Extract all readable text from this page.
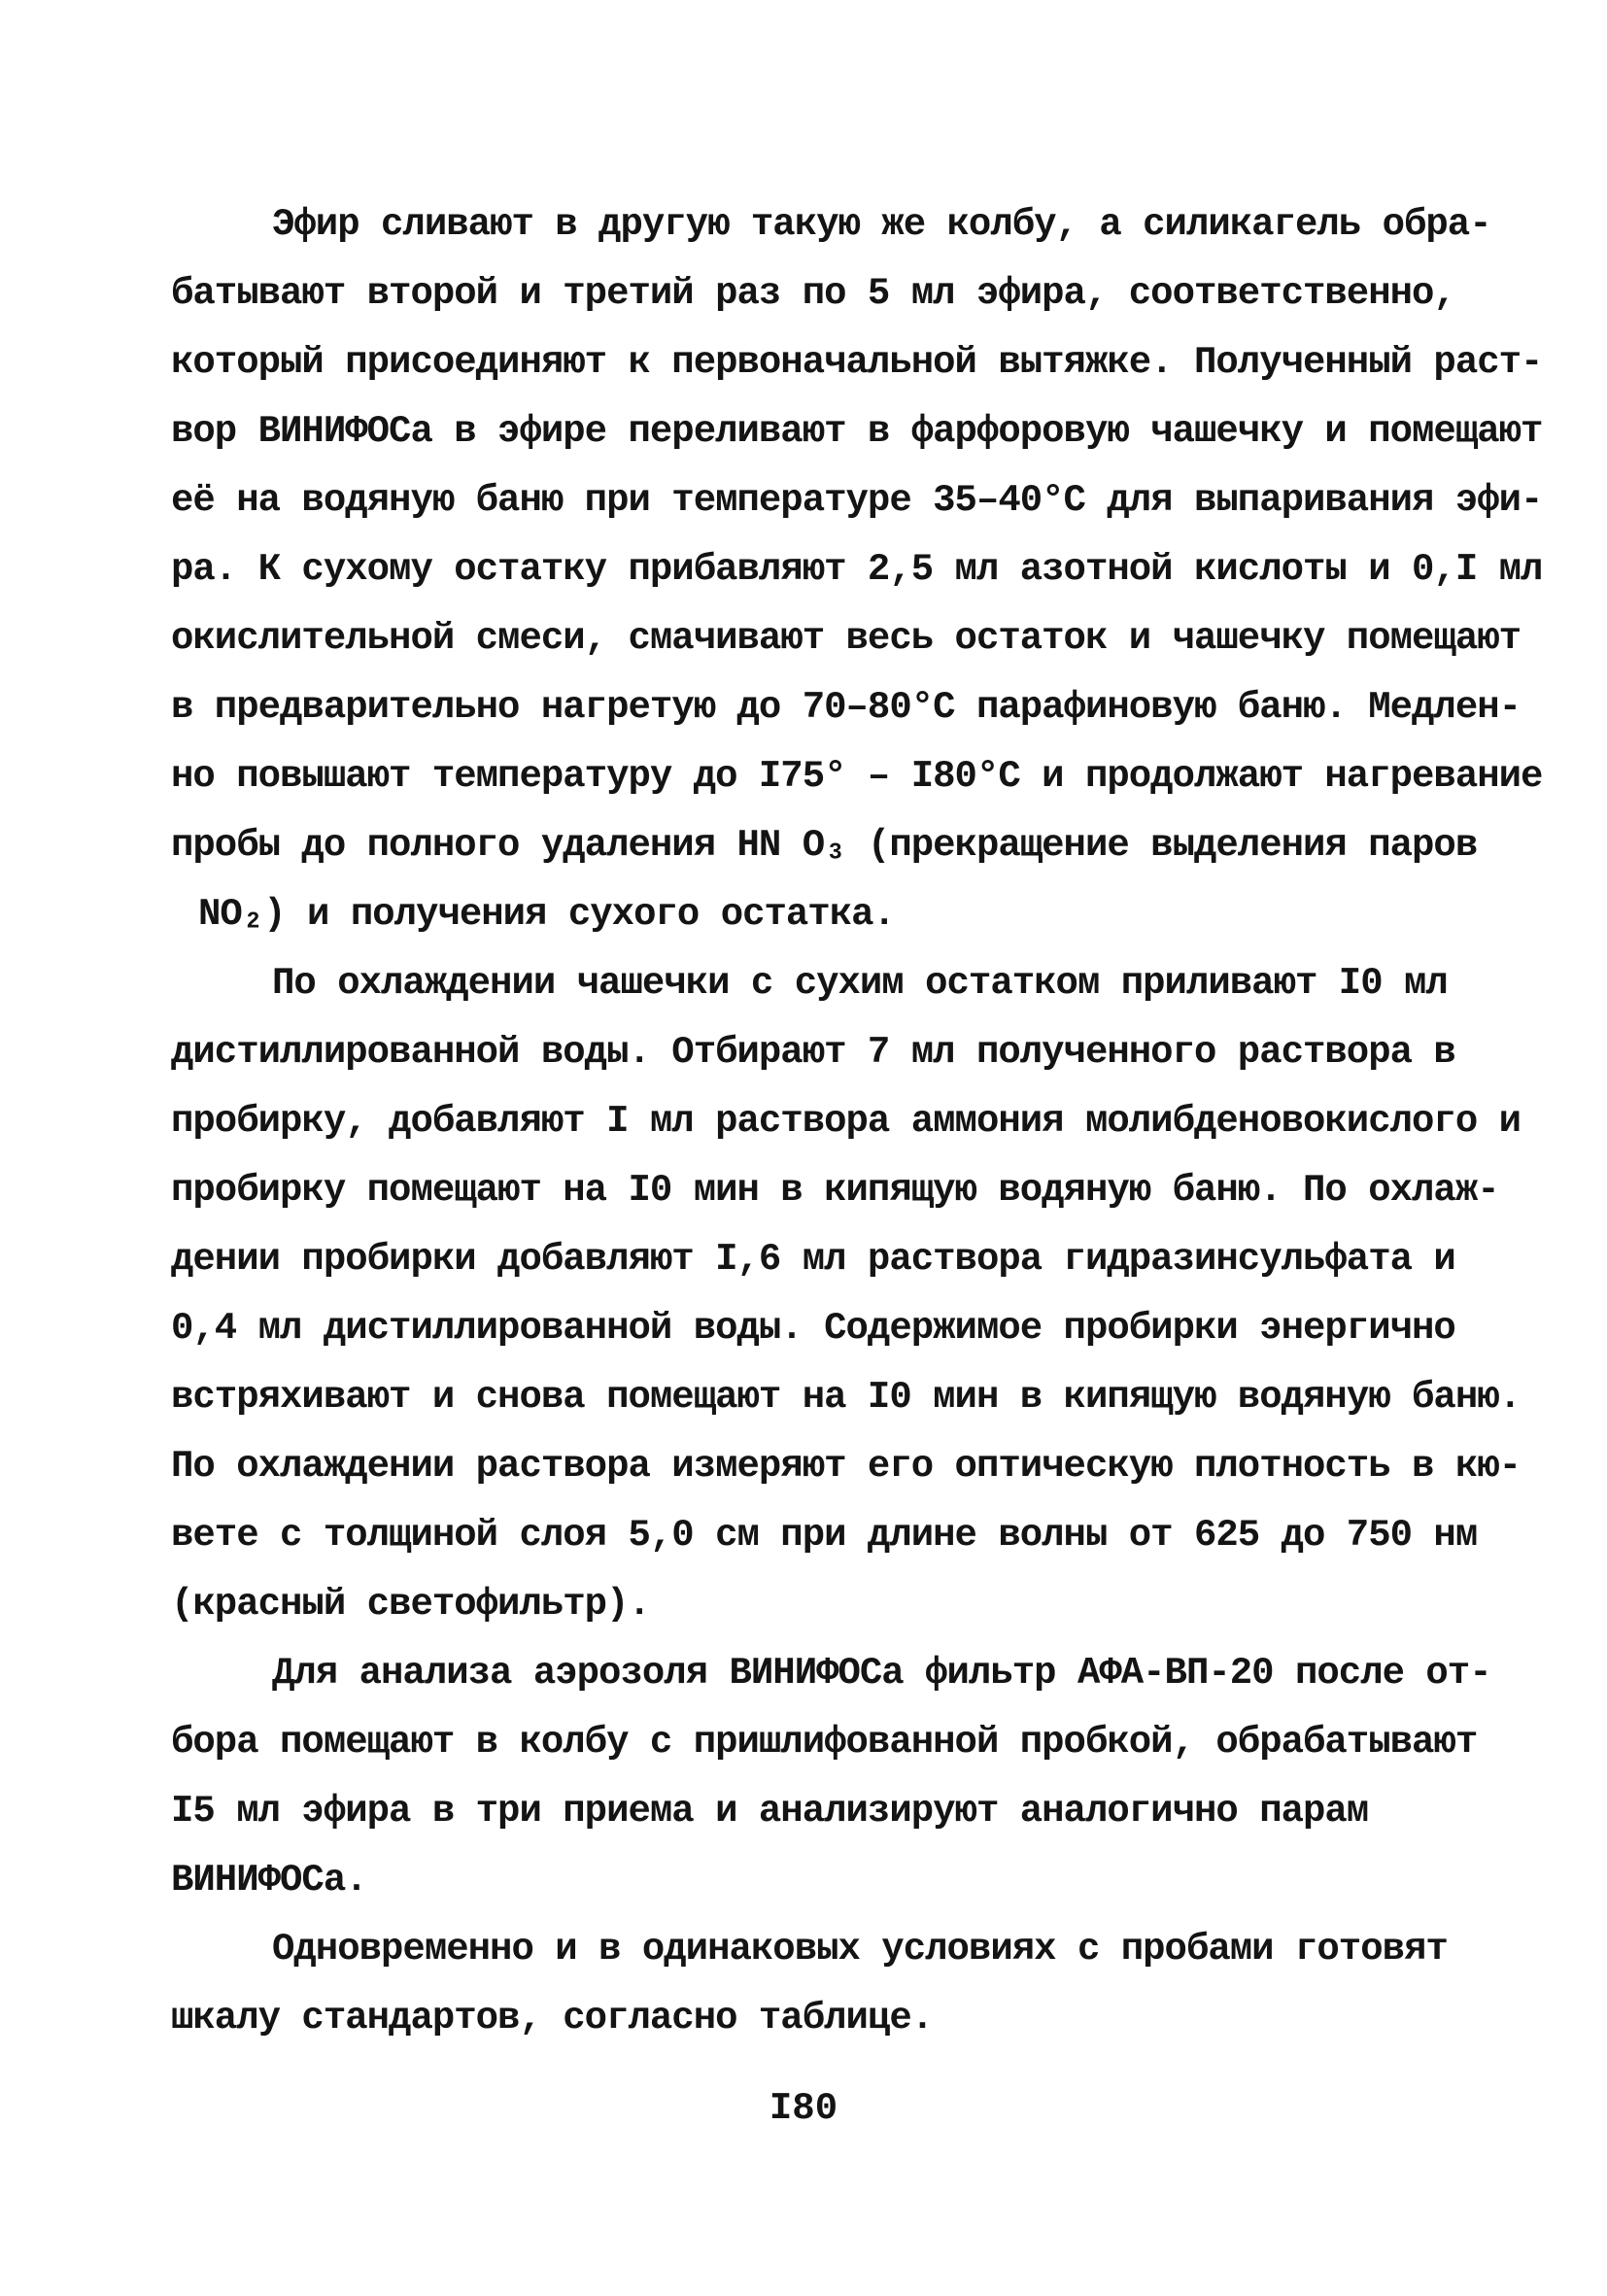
Эфир сливают в другую такую же колбу, а силикагель обра-
батывают второй и третий раз по 5 мл эфира, соответственно,
который присоединяют к первоначальной вытяжке. Полученный раст-
вор ВИНИФОСа в эфире переливают в фарфоровую чашечку и помещают
её на водяную баню при температуре 35–40°С для выпаривания эфи-
ра. К сухому остатку прибавляют 2,5 мл азотной кислоты и 0,I мл
окислительной смеси, смачивают весь остаток и чашечку помещают
в предварительно нагретую до 70–80°С парафиновую баню. Медлен-
но повышают температуру до I75° – I80°С и продолжают нагревание
пробы до полного удаления HN O₃ (прекращение выделения паров
NO₂) и получения сухого остатка.
По охлаждении чашечки с сухим остатком приливают I0 мл
дистиллированной воды. Отбирают 7 мл полученного раствора в
пробирку, добавляют I мл раствора аммония молибденовокислого и
пробирку помещают на I0 мин в кипящую водяную баню. По охлаж-
дении пробирки добавляют I,6 мл раствора гидразинсульфата и
0,4 мл дистиллированной воды. Содержимое пробирки энергично
встряхивают и снова помещают на I0 мин в кипящую водяную баню.
По охлаждении раствора измеряют его оптическую плотность в кю-
вете с толщиной слоя 5,0 см при длине волны от 625 до 750 нм
(красный светофильтр).
Для анализа аэрозоля ВИНИФОСа фильтр АФА-ВП-20 после от-
бора помещают в колбу с пришлифованной пробкой, обрабатывают
I5 мл эфира в три приема и анализируют аналогично парам
ВИНИФОСа.
Одновременно и в одинаковых условиях с пробами готовят
шкалу стандартов, согласно таблице.
I80
